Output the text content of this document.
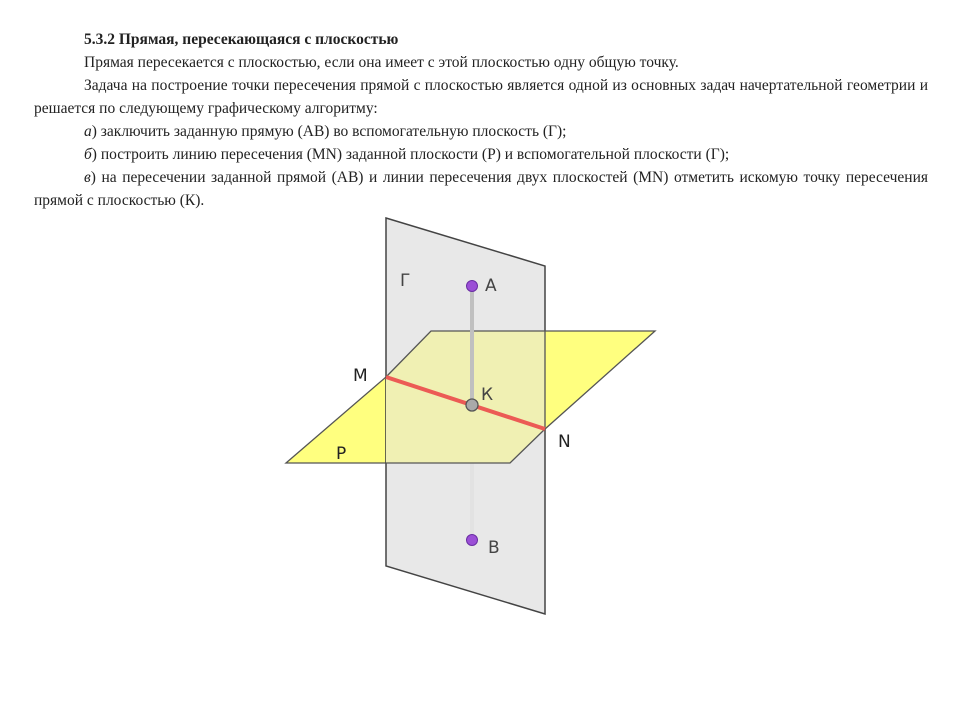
5.3.2 Прямая, пересекающаяся с плоскостью

Прямая пересекается с плоскостью, если она имеет с этой плоскостью одну общую точку.

Задача на построение точки пересечения прямой с плоскостью является одной из основных задач начертательной геометрии и решается по следующему графическому алгоритму:

а) заключить заданную прямую (АВ) во вспомогательную плоскость (Г);

б) построить линию пересечения (MN) заданной плоскости (Р) и вспомогательной плоскости (Г);

в) на пересечении заданной прямой (АВ) и линии пересечения двух плоскостей (MN) отметить искомую точку пересечения прямой с плоскостью (К).

Г	А
К
В
М
N
Р
